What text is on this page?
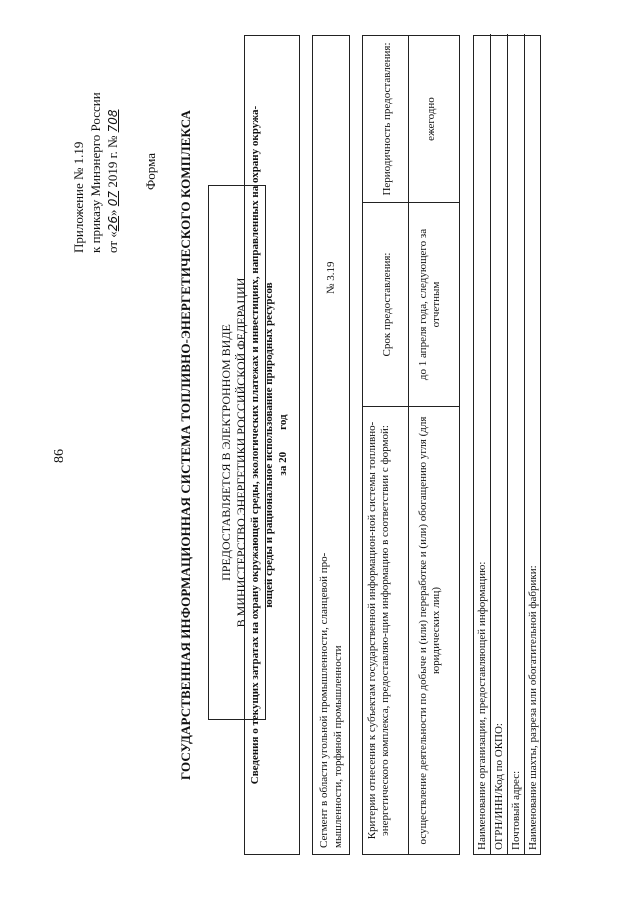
86
Приложение № 1.19 к приказу Минэнерго России от «26» 07 2019 г. № 708
Форма ГОСУДАРСТВЕННАЯ ИНФОРМАЦИОННАЯ СИСТЕМА ТОПЛИВНО-ЭНЕРГЕТИЧЕСКОГО КОМПЛЕКСА ПРЕДОСТАВЛЯЕТСЯ В ЭЛЕКТРОННОМ ВИДЕ В МИНИСТЕРСТВО ЭНЕРГЕТИКИ РОССИЙСКОЙ ФЕДЕРАЦИИ Сведения о текущих затратах на охрану окружающей среды, экологических платежах и инвестициях, направленных на охрану окружа- ющей среды и рациональное использование природных ресурсов за 20        год
Сегмент в области угольной промышленности, сланцевой про-мышленности, торфяной промышленности
№ 3.19
Критерии отнесения к субъектам государственной информацион-ной системы топливно-энергетического комплекса, предоставляю-щим информацию в соответствии с формой:
Срок предоставления:
Периодичность предоставления:
осуществление деятельности по добыче и (или) переработке и (или) обогащению угля (для юридических лиц)
до 1 апреля года, следующего за отчетным
ежегодно
Наименование организации, предоставляющей информацию: ОГРН/ИНН/Код по ОКПО: Почтовый адрес: Наименование шахты, разреза или обогатительной фабрики:
